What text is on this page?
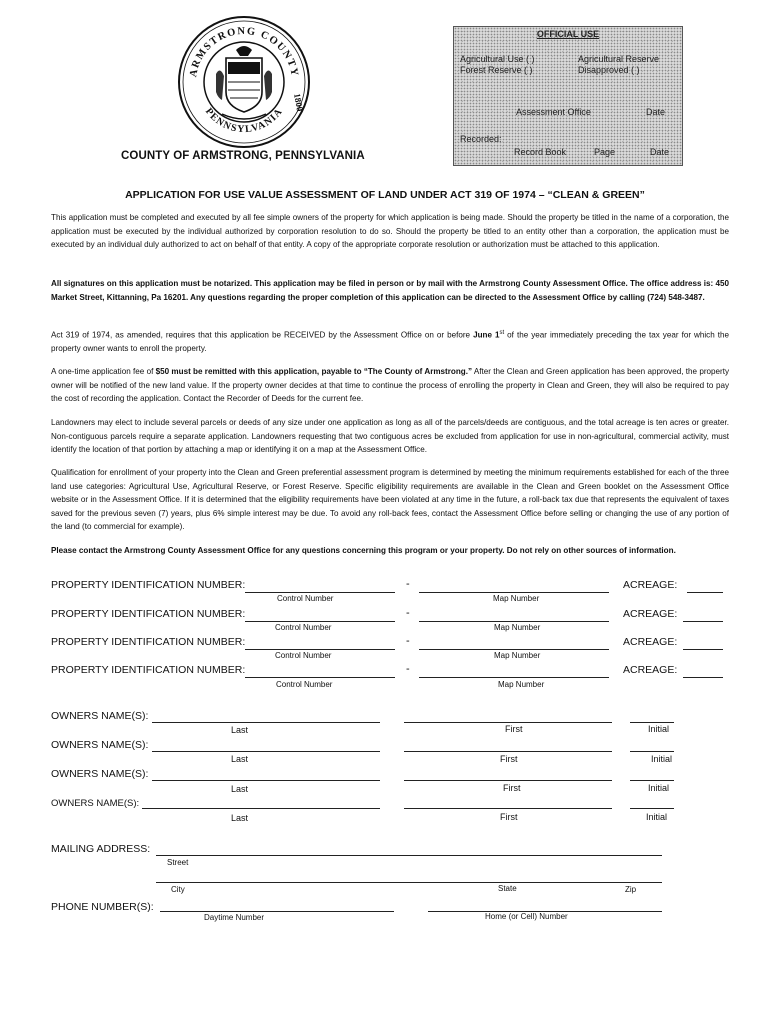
ARMSTRONG COUNTY
PENNSYLVANIA
1800
OFFICIAL USE
Agricultural Use ( )	Agricultural Reserve
Forest Reserve ( )	Disapproved ( )
Assessment Office	Date
Recorded:
Record Book	Page	Date
COUNTY OF ARMSTRONG, PENNSYLVANIA
APPLICATION FOR USE VALUE ASSESSMENT OF LAND UNDER ACT 319 OF 1974 – “CLEAN & GREEN”
This application must be completed and executed by all fee simple owners of the property for which application is being made. Should the property be titled in the name of a corporation, the application must be executed by the individual authorized by corporation resolution to do so. Should the property be titled to an entity other than a corporation, the application must be executed by an individual duly authorized to act on behalf of that entity. A copy of the appropriate corporate resolution or authorization must be attached to this application.
All signatures on this application must be notarized. This application may be filed in person or by mail with the Armstrong County Assessment Office. The office address is: 450 Market Street, Kittanning, Pa 16201. Any questions regarding the proper completion of this application can be directed to the Assessment Office by calling (724) 548-3487.
Act 319 of 1974, as amended, requires that this application be RECEIVED by the Assessment Office on or before June 1st of the year immediately preceding the tax year for which the property owner wants to enroll the property.
A one-time application fee of $50 must be remitted with this application, payable to “The County of Armstrong.” After the Clean and Green application has been approved, the property owner will be notified of the new land value. If the property owner decides at that time to continue the process of enrolling the property in Clean and Green, they will also be required to pay the cost of recording the application. Contact the Recorder of Deeds for the current fee.
Landowners may elect to include several parcels or deeds of any size under one application as long as all of the parcels/deeds are contiguous, and the total acreage is ten acres or greater. Non-contiguous parcels require a separate application. Landowners requesting that two contiguous acres be excluded from application for use in non-agricultural, commercial activity, must identify the location of that portion by attaching a map or identifying it on a map at the Assessment Office.
Qualification for enrollment of your property into the Clean and Green preferential assessment program is determined by meeting the minimum requirements established for each of the three land use categories: Agricultural Use, Agricultural Reserve, or Forest Reserve. Specific eligibility requirements are available in the Clean and Green booklet on the Assessment Office website or in the Assessment Office. If it is determined that the eligibility requirements have been violated at any time in the future, a roll-back tax due that represents the equivalent of taxes saved for the previous seven (7) years, plus 6% simple interest may be due. To avoid any roll-back fees, contact the Assessment Office before selling or changing the use of any portion of the land (to commercial for example).
Please contact the Armstrong County Assessment Office for any questions concerning this program or your property. Do not rely on other sources of information.
PROPERTY IDENTIFICATION NUMBER:	-	ACREAGE:
Control Number	Map Number
PROPERTY IDENTIFICATION NUMBER:	-	ACREAGE:
Control Number	Map Number
PROPERTY IDENTIFICATION NUMBER:	-	ACREAGE:
Control Number	Map Number
PROPERTY IDENTIFICATION NUMBER:	-	ACREAGE:
Control Number	Map Number
OWNERS NAME(S):
Last	First	Initial
OWNERS NAME(S):
Last	First	Initial
OWNERS NAME(S):
Last	First	Initial
OWNERS NAME(S):
Last	First	Initial
MAILING ADDRESS:
Street
City	State	Zip
PHONE NUMBER(S):
Daytime Number	Home (or Cell) Number
